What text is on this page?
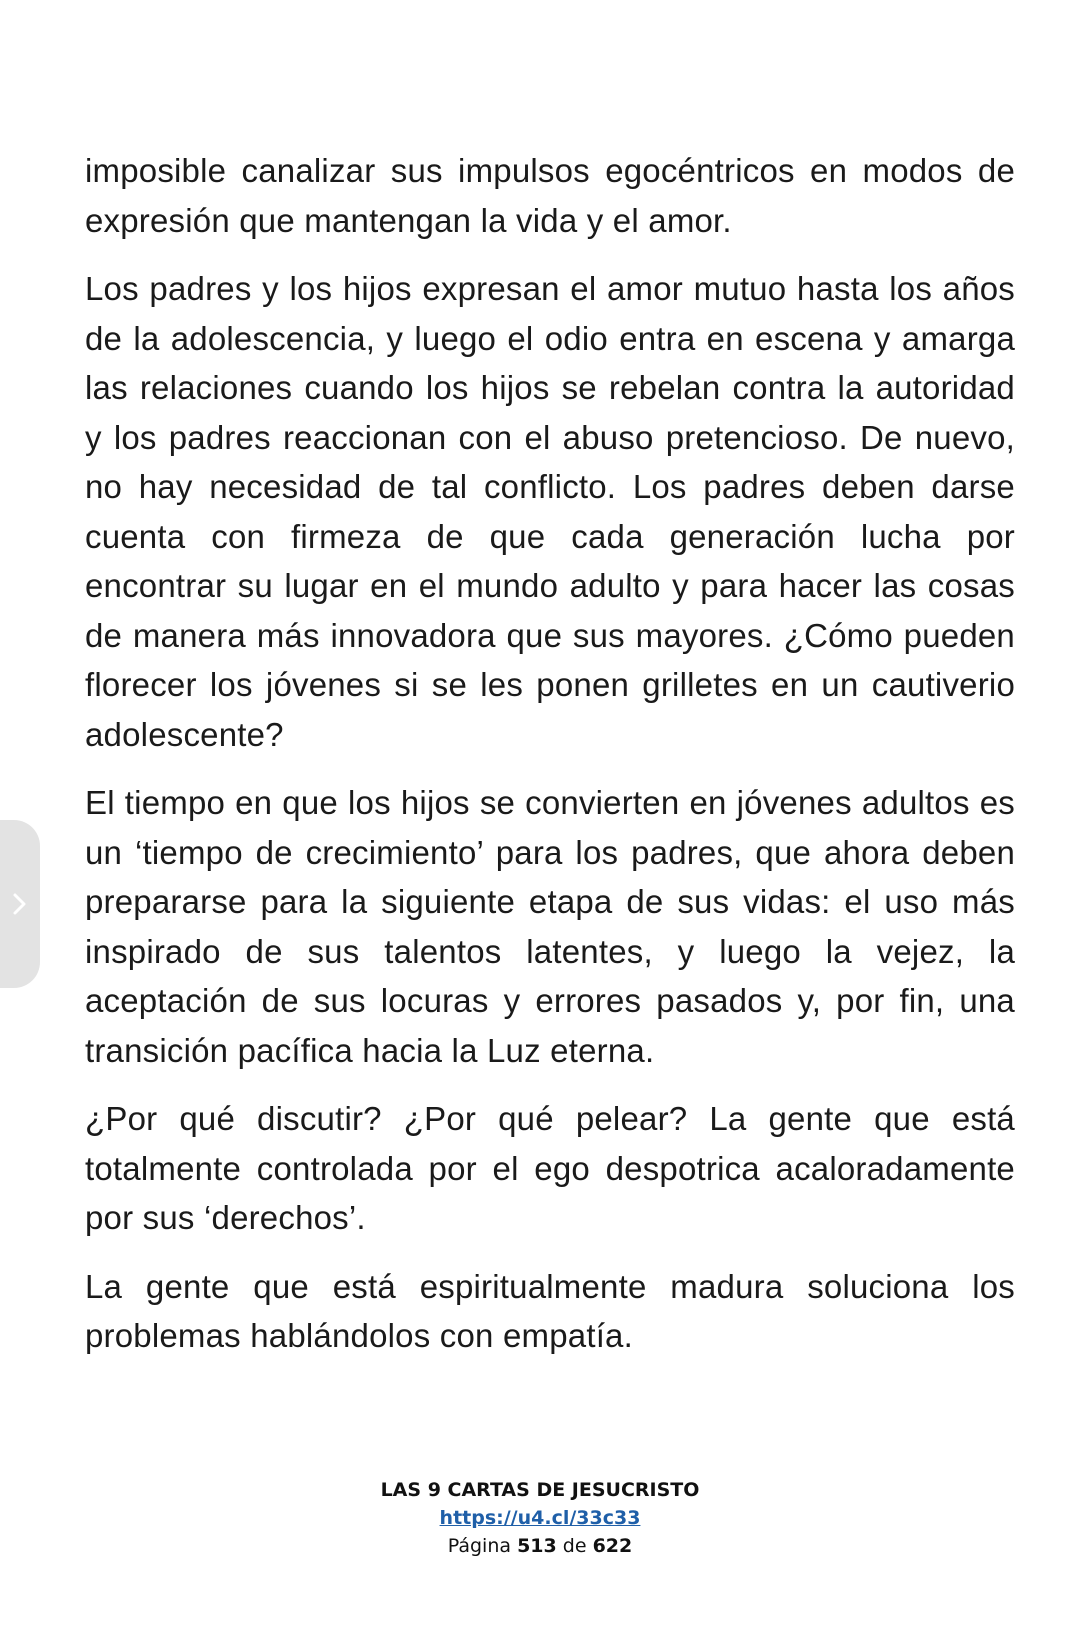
imposible canalizar sus impulsos egocéntricos en modos de expresión que mantengan la vida y el amor.

Los padres y los hijos expresan el amor mutuo hasta los años de la adolescencia, y luego el odio entra en escena y amarga las relaciones cuando los hijos se rebelan contra la autoridad y los padres reaccionan con el abuso pretencioso. De nuevo, no hay necesidad de tal conflicto. Los padres deben darse cuenta con firmeza de que cada generación lucha por encontrar su lugar en el mundo adulto y para hacer las cosas de manera más innovadora que sus mayores. ¿Cómo pueden florecer los jóvenes si se les ponen grilletes en un cautiverio adolescente?

El tiempo en que los hijos se convierten en jóvenes adultos es un ‘tiempo de crecimiento’ para los padres, que ahora deben prepararse para la siguiente etapa de sus vidas: el uso más inspirado de sus talentos latentes, y luego la vejez, la aceptación de sus locuras y errores pasados y, por fin, una transición pacífica hacia la Luz eterna.

¿Por qué discutir? ¿Por qué pelear? La gente que está totalmente controlada por el ego despotrica acaloradamente por sus ‘derechos’.

La gente que está espiritualmente madura soluciona los problemas hablándolos con empatía.

LAS 9 CARTAS DE JESUCRISTO
https://u4.cl/33c33
Página 513 de 622
